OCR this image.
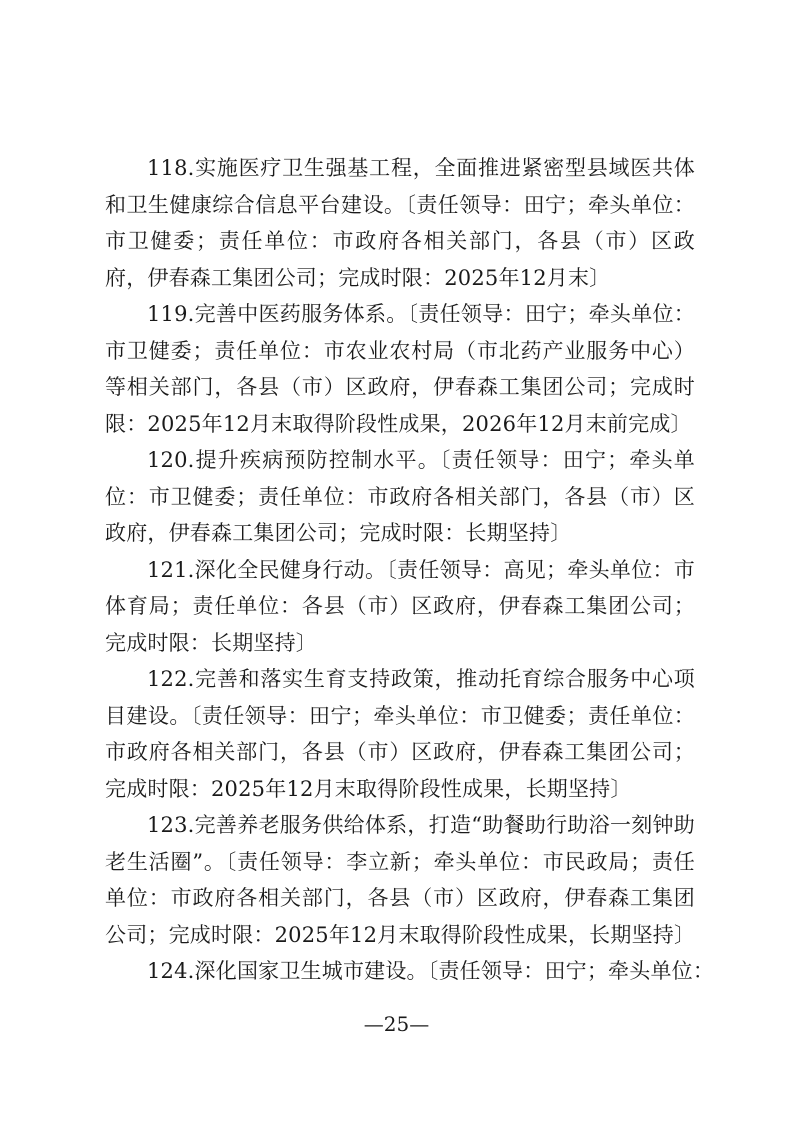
118.实施医疗卫生强基工程，全面推进紧密型县域医共体和卫生健康综合信息平台建设。〔责任领导：田宁；牵头单位：市卫健委；责任单位：市政府各相关部门，各县（市）区政府，伊春森工集团公司；完成时限：2025年12月末〕

119.完善中医药服务体系。〔责任领导：田宁；牵头单位：市卫健委；责任单位：市农业农村局（市北药产业服务中心）等相关部门，各县（市）区政府，伊春森工集团公司；完成时限：2025年12月末取得阶段性成果，2026年12月末前完成〕

120.提升疾病预防控制水平。〔责任领导：田宁；牵头单位：市卫健委；责任单位：市政府各相关部门，各县（市）区政府，伊春森工集团公司；完成时限：长期坚持〕

121.深化全民健身行动。〔责任领导：高见；牵头单位：市体育局；责任单位：各县（市）区政府，伊春森工集团公司；完成时限：长期坚持〕

122.完善和落实生育支持政策，推动托育综合服务中心项目建设。〔责任领导：田宁；牵头单位：市卫健委；责任单位：市政府各相关部门，各县（市）区政府，伊春森工集团公司；完成时限：2025年12月末取得阶段性成果，长期坚持〕

123.完善养老服务供给体系，打造“助餐助行助浴一刻钟助老生活圈”。〔责任领导：李立新；牵头单位：市民政局；责任单位：市政府各相关部门，各县（市）区政府，伊春森工集团公司；完成时限：2025年12月末取得阶段性成果，长期坚持〕

124.深化国家卫生城市建设。〔责任领导：田宁；牵头单位：

—25—
